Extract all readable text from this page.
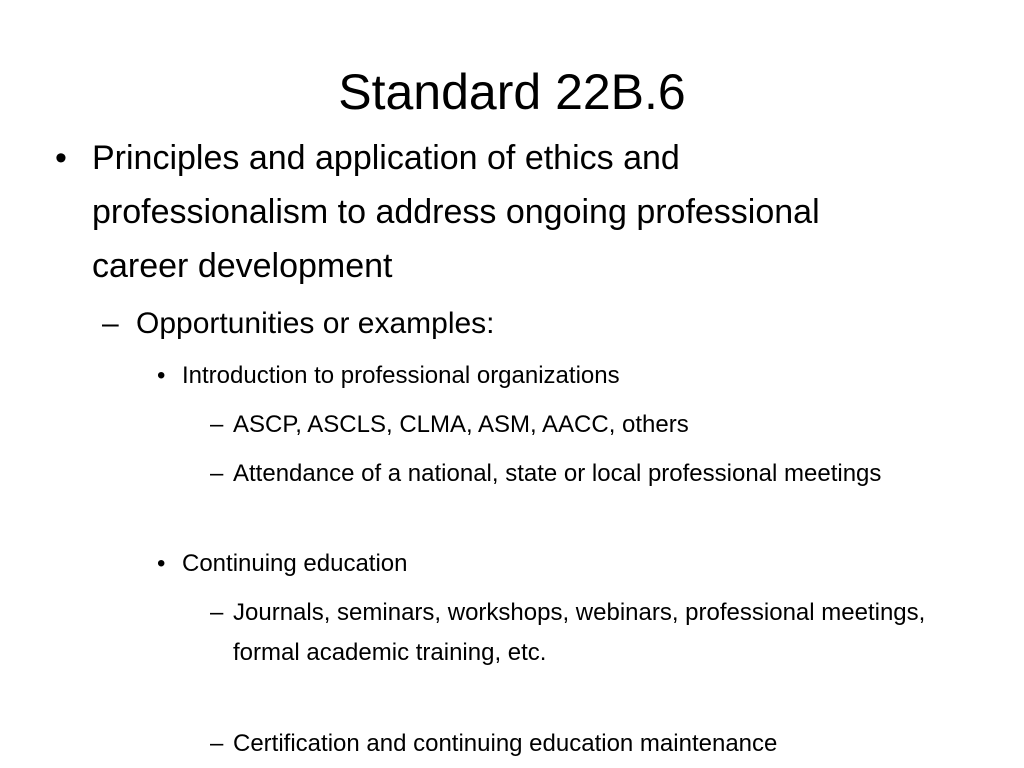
Standard 22B.6
• Principles and application of ethics and professionalism to address ongoing professional career development
– Opportunities or examples:
• Introduction to professional organizations
– ASCP, ASCLS, CLMA, ASM, AACC, others
– Attendance of a national, state or local professional meetings
• Continuing education
– Journals, seminars, workshops, webinars, professional meetings, formal academic training, etc.
– Certification and continuing education maintenance
